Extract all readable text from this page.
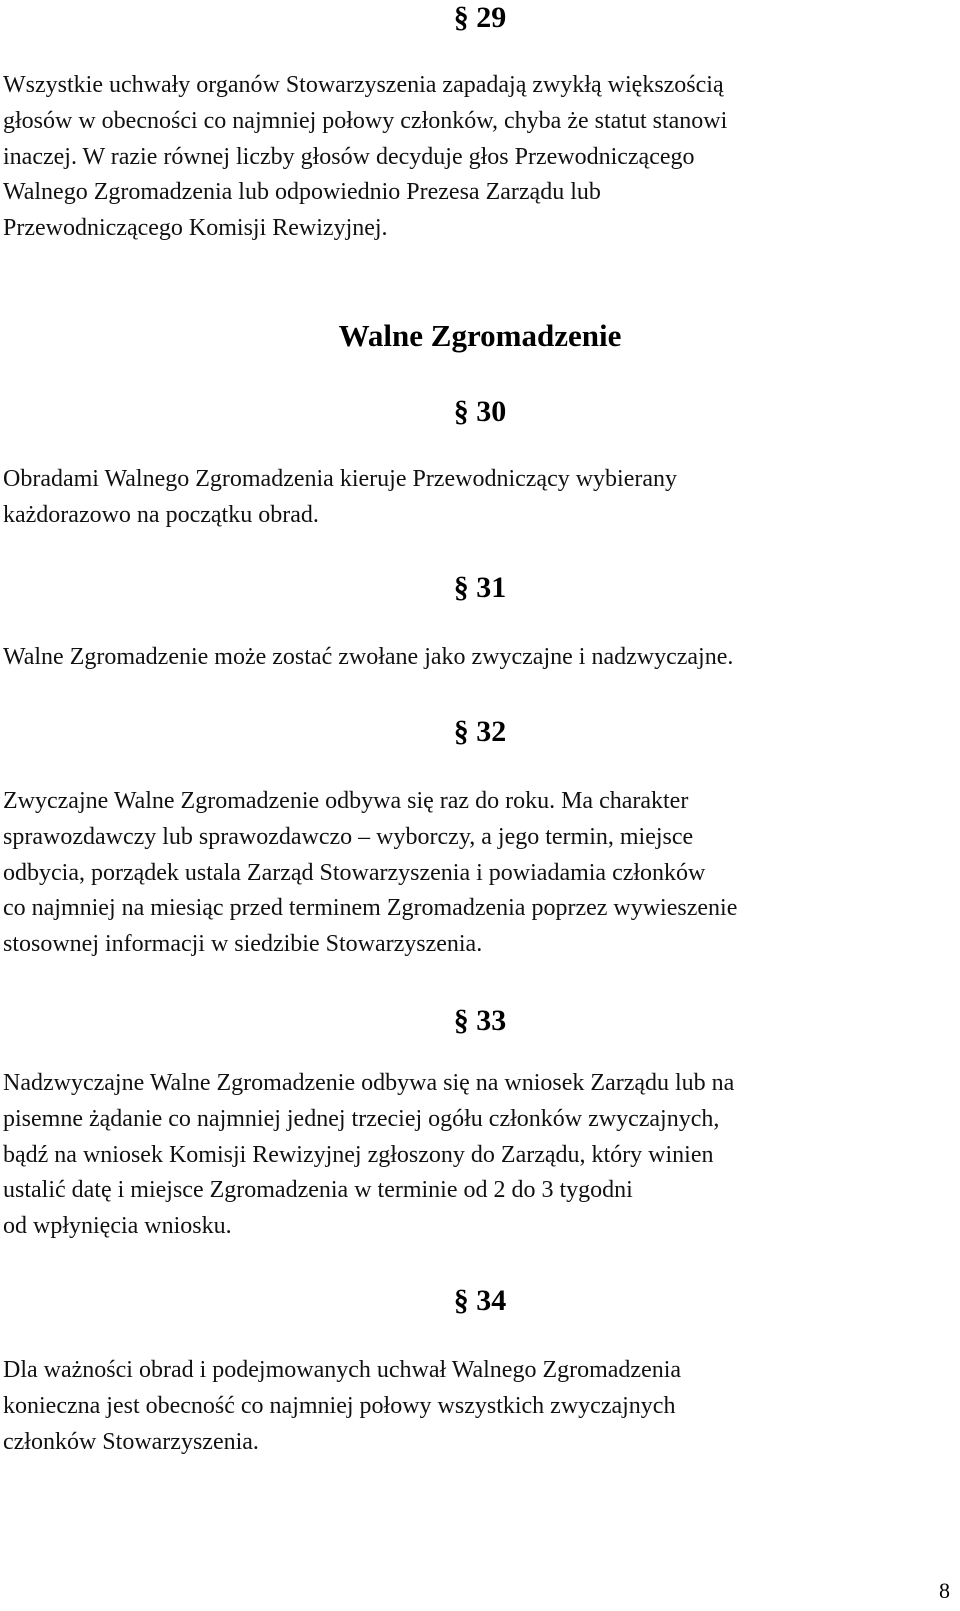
§ 29
Wszystkie uchwały organów Stowarzyszenia zapadają zwykłą większością
głosów w obecności co najmniej połowy członków, chyba że statut stanowi
inaczej. W razie równej liczby głosów decyduje głos Przewodniczącego
Walnego Zgromadzenia lub odpowiednio Prezesa Zarządu lub
Przewodniczącego Komisji Rewizyjnej.
Walne Zgromadzenie
§ 30
Obradami Walnego Zgromadzenia kieruje Przewodniczący wybierany
każdorazowo na początku obrad.
§ 31
Walne Zgromadzenie może zostać zwołane jako zwyczajne i nadzwyczajne.
§ 32
Zwyczajne Walne Zgromadzenie odbywa się raz do roku. Ma charakter
sprawozdawczy lub sprawozdawczo – wyborczy, a jego termin, miejsce
odbycia, porządek ustala Zarząd Stowarzyszenia i powiadamia członków
co najmniej na miesiąc przed terminem Zgromadzenia poprzez wywieszenie
stosownej informacji w siedzibie Stowarzyszenia.
§ 33
Nadzwyczajne Walne Zgromadzenie odbywa się na wniosek Zarządu lub na
pisemne żądanie co najmniej jednej trzeciej ogółu członków zwyczajnych,
bądź na wniosek Komisji Rewizyjnej zgłoszony do Zarządu, który winien
ustalić datę i miejsce Zgromadzenia w terminie od 2 do 3 tygodni
od wpłynięcia wniosku.
§ 34
Dla ważności obrad i podejmowanych uchwał Walnego Zgromadzenia
konieczna jest obecność co najmniej połowy wszystkich zwyczajnych
członków Stowarzyszenia.
8
